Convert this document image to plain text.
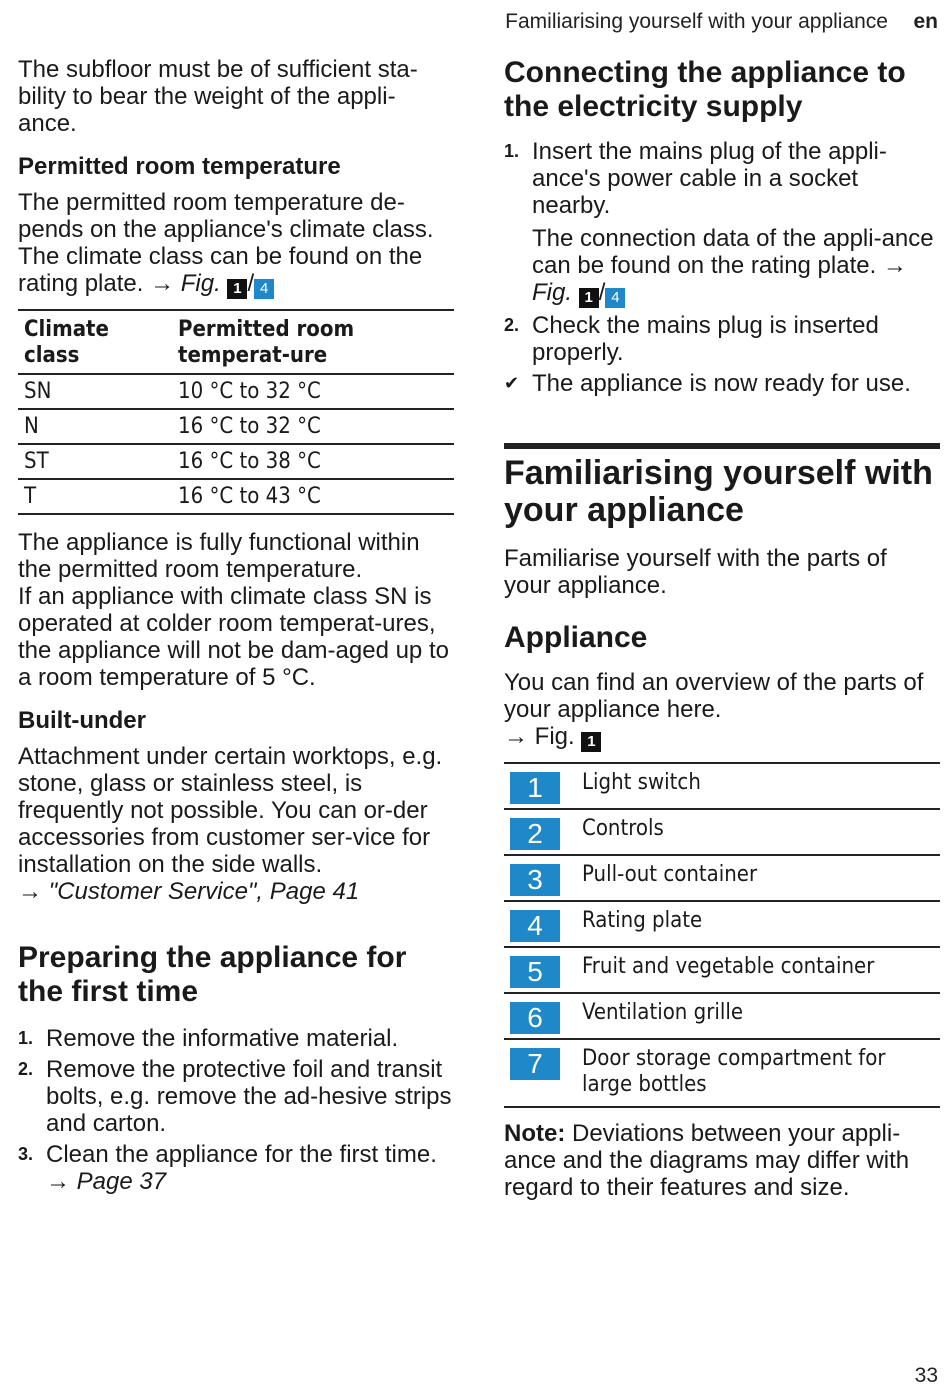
Familiarising yourself with your appliance en

The subfloor must be of sufficient sta-bility to bear the weight of the appli-ance.

Permitted room temperature

The permitted room temperature de-pends on the appliance's climate class.

The climate class can be found on the rating plate. → Fig. 1 / 4

Climate class	Permitted room temperat-ure
SN	10 °C to 32 °C
N	16 °C to 32 °C
ST	16 °C to 38 °C
T	16 °C to 43 °C

The appliance is fully functional within the permitted room temperature.

If an appliance with climate class SN is operated at colder room temperat-ures, the appliance will not be dam-aged up to a room temperature of 5 °C.

Built-under

Attachment under certain worktops, e.g. stone, glass or stainless steel, is frequently not possible. You can or-der accessories from customer ser-vice for installation on the side walls.

→ "Customer Service", Page 41

Preparing the appliance for the first time
1. Remove the informative material.
2. Remove the protective foil and transit bolts, e.g. remove the ad-hesive strips and carton.
3. Clean the appliance for the first time. → Page 37
Connecting the appliance to the electricity supply
1. Insert the mains plug of the appli-ance's power cable in a socket nearby.

The connection data of the appli-ance can be found on the rating plate. → Fig. 1 / 4

2. Check the mains plug is inserted properly.
✔ The appliance is now ready for use.
Familiarising yourself with your appliance

Familiarise yourself with the parts of your appliance.

Appliance

You can find an overview of the parts of your appliance here.

→ Fig. 1

1	Light switch

2	Controls

3	Pull-out container

4	Rating plate

5	Fruit and vegetable container

6	Ventilation grille

7	Door storage compartment for large bottles

Note: Deviations between your appli-ance and the diagrams may differ with regard to their features and size.

33
